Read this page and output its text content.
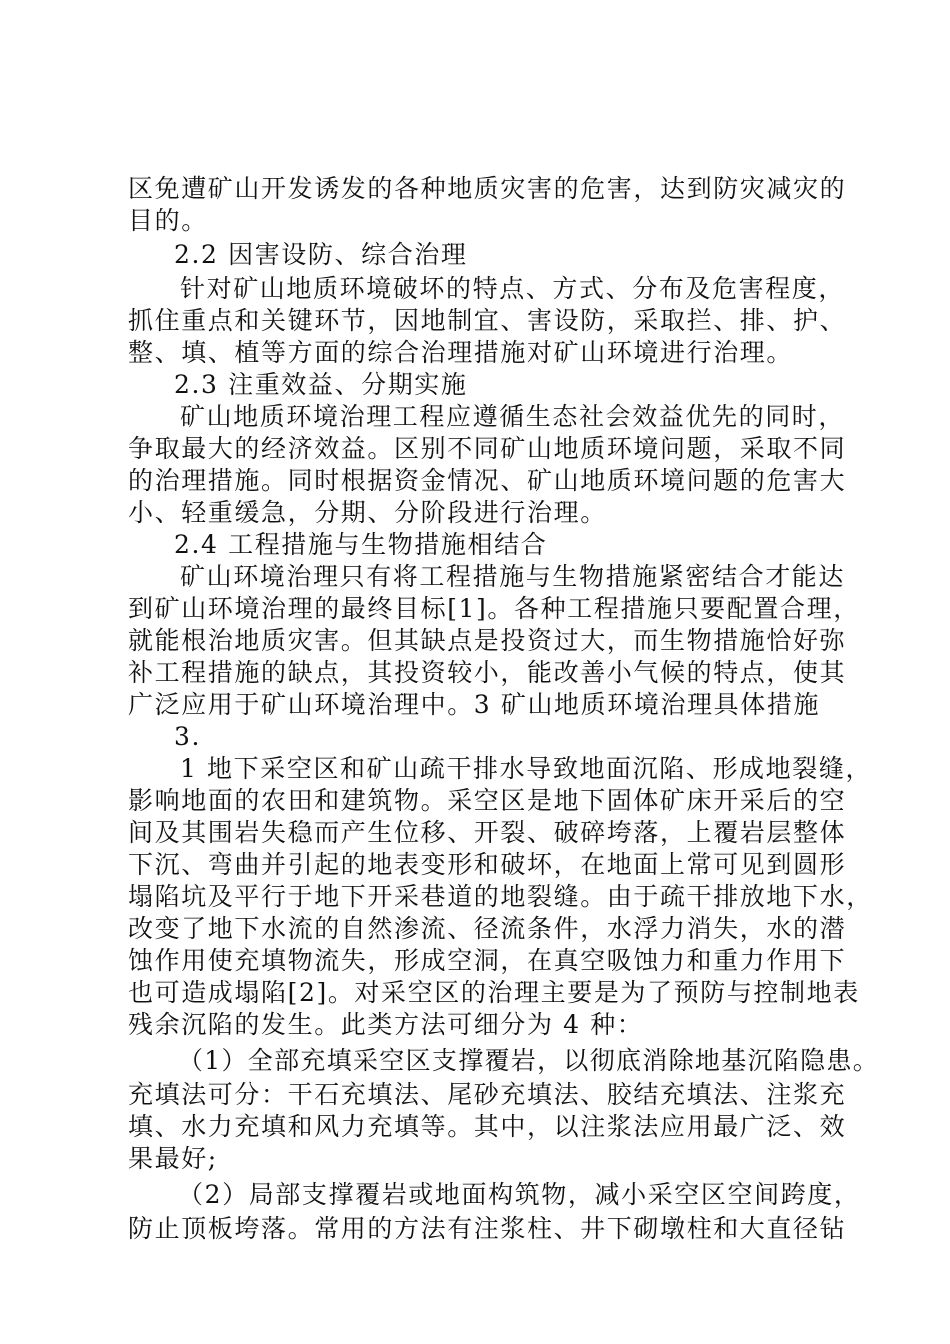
区免遭矿山开发诱发的各种地质灾害的危害，达到防灾减灾的
目的。
2.2 因害设防、综合治理
针对矿山地质环境破坏的特点、方式、分布及危害程度，
抓住重点和关键环节，因地制宜、害设防，采取拦、排、护、
整、填、植等方面的综合治理措施对矿山环境进行治理。
2.3 注重效益、分期实施
矿山地质环境治理工程应遵循生态社会效益优先的同时，
争取最大的经济效益。区别不同矿山地质环境问题，采取不同
的治理措施。同时根据资金情况、矿山地质环境问题的危害大
小、轻重缓急，分期、分阶段进行治理。
2.4 工程措施与生物措施相结合
矿山环境治理只有将工程措施与生物措施紧密结合才能达
到矿山环境治理的最终目标[1]。各种工程措施只要配置合理，
就能根治地质灾害。但其缺点是投资过大，而生物措施恰好弥
补工程措施的缺点，其投资较小，能改善小气候的特点，使其
广泛应用于矿山环境治理中。3 矿山地质环境治理具体措施
3.
1 地下采空区和矿山疏干排水导致地面沉陷、形成地裂缝，
影响地面的农田和建筑物。采空区是地下固体矿床开采后的空
间及其围岩失稳而产生位移、开裂、破碎垮落，上覆岩层整体
下沉、弯曲并引起的地表变形和破坏，在地面上常可见到圆形
塌陷坑及平行于地下开采巷道的地裂缝。由于疏干排放地下水，
改变了地下水流的自然渗流、径流条件，水浮力消失，水的潜
蚀作用使充填物流失，形成空洞，在真空吸蚀力和重力作用下
也可造成塌陷[2]。对采空区的治理主要是为了预防与控制地表
残余沉陷的发生。此类方法可细分为 4 种：
（1）全部充填采空区支撑覆岩，以彻底消除地基沉陷隐患。
充填法可分：干石充填法、尾砂充填法、胶结充填法、注浆充
填、水力充填和风力充填等。其中，以注浆法应用最广泛、效
果最好;
（2）局部支撑覆岩或地面构筑物，减小采空区空间跨度，
防止顶板垮落。常用的方法有注浆柱、井下砌墩柱和大直径钻
